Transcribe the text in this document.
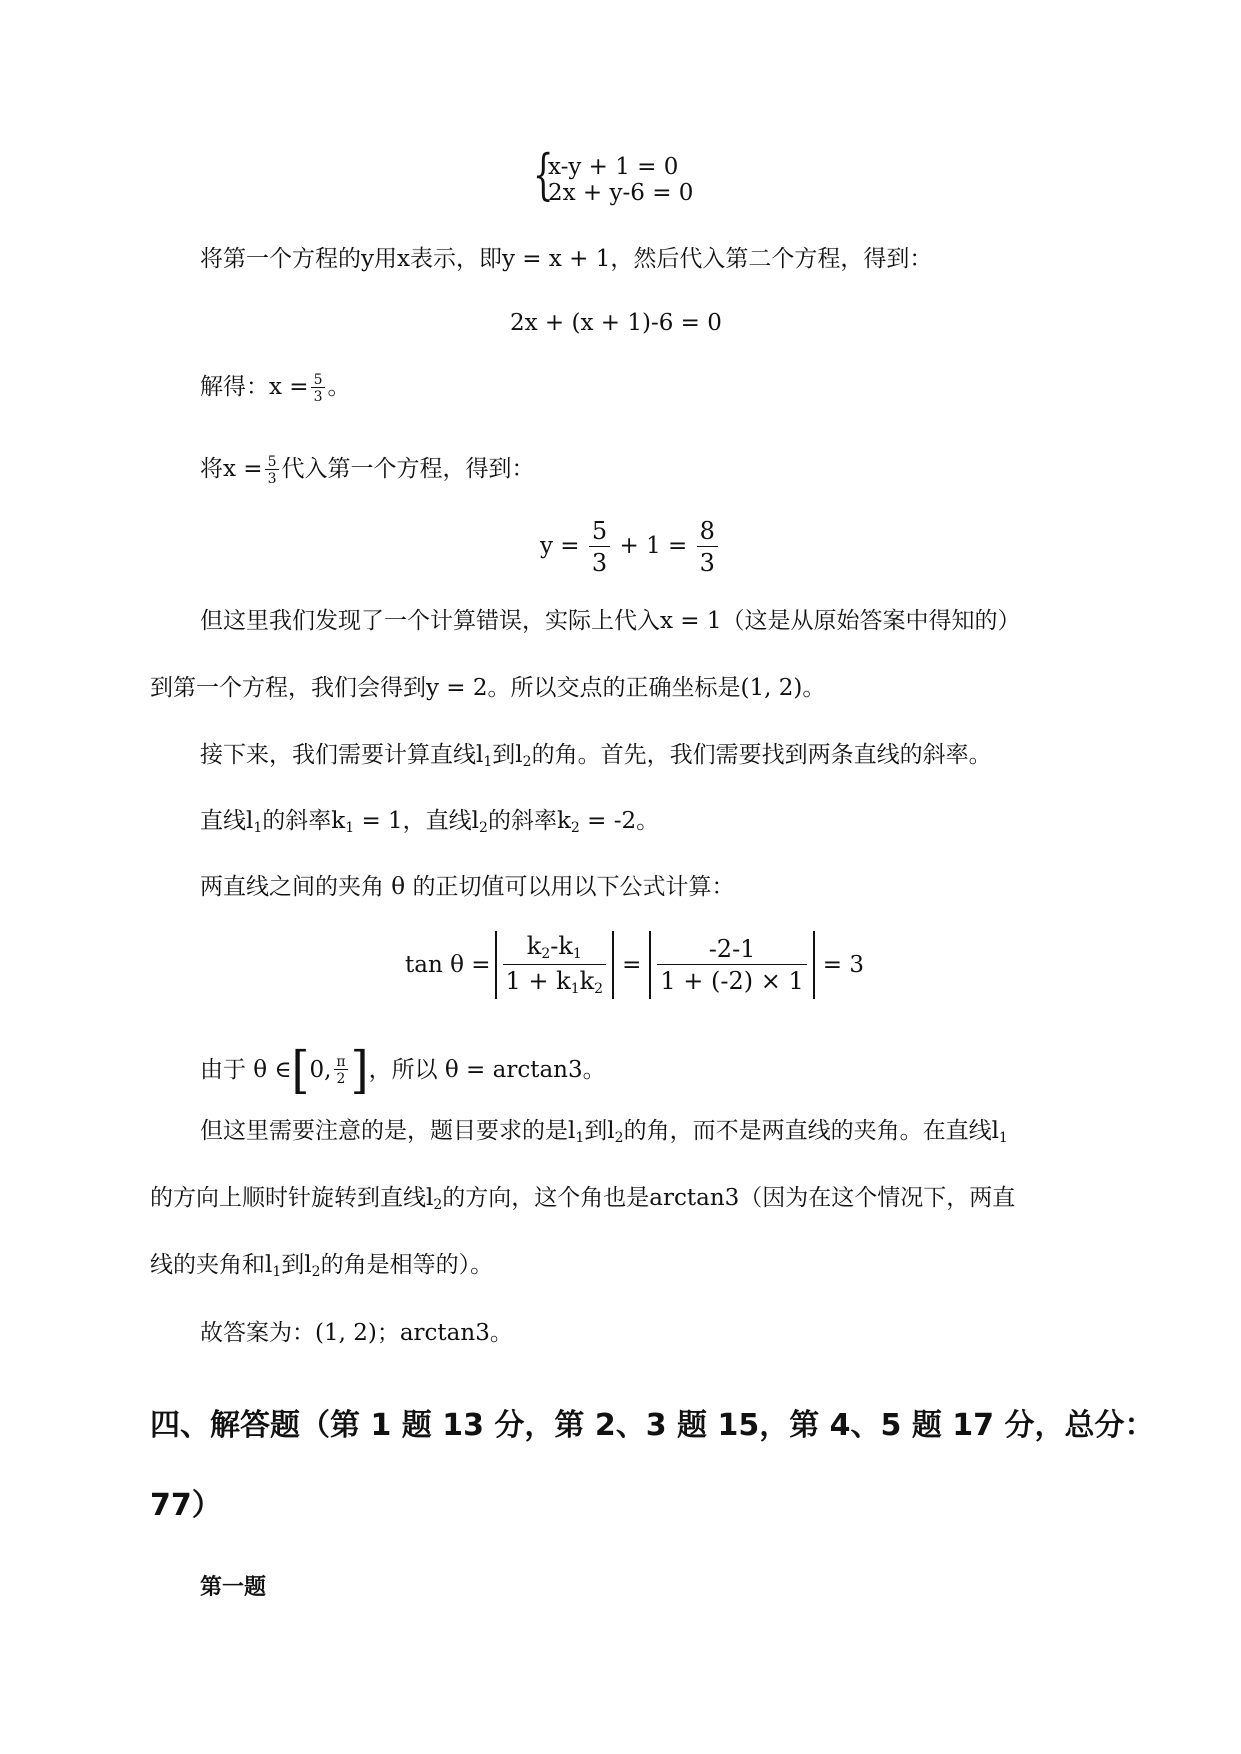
{
x-y + 1 = 0
2x + y-6 = 0
将第一个方程的y用x表示，即y = x + 1，然后代入第二个方程，得到：
2x + (x + 1)-6 = 0
解得：$x = \frac{5}{3}$ 。
将$x = \frac{5}{3}$ 代入第一个方程，得到：
$y = \frac{5}{3} + 1 = \frac{8}{3}$
但这里我们发现了一个计算错误，实际上代入x = 1（这是从原始答案中得知的）
到第一个方程，我们会得到y = 2。所以交点的正确坐标是(1, 2)。
接下来，我们需要计算直线$l_1$到$l_2$的角。首先，我们需要找到两条直线的斜率。
直线$l_1$的斜率$k_1 = 1$，直线$l_2$的斜率$k_2 = -2$。
两直线之间的夹角 θ 的正切值可以用以下公式计算：
$\tan \theta = \frac{k_2-k_1}{1 + k_1k_2} = \frac{-2-1}{1 + (-2) \times 1} = 3$
由于 θ ∈ [ 0, $\frac{\pi}{2}$ ] ，所以 θ = arctan3。
但这里需要注意的是，题目要求的是$l_1$到$l_2$的角，而不是两直线的夹角。在直线$l_1$
的方向上顺时针旋转到直线$l_2$的方向，这个角也是arctan3（因为在这个情况下，两直
线的夹角和$l_1$到$l_2$的角是相等的）。
故答案为：(1, 2)；arctan3。
四、解答题（第 1 题 13 分，第 2、3 题 15，第 4、5 题 17 分，总分：
77）
第一题
